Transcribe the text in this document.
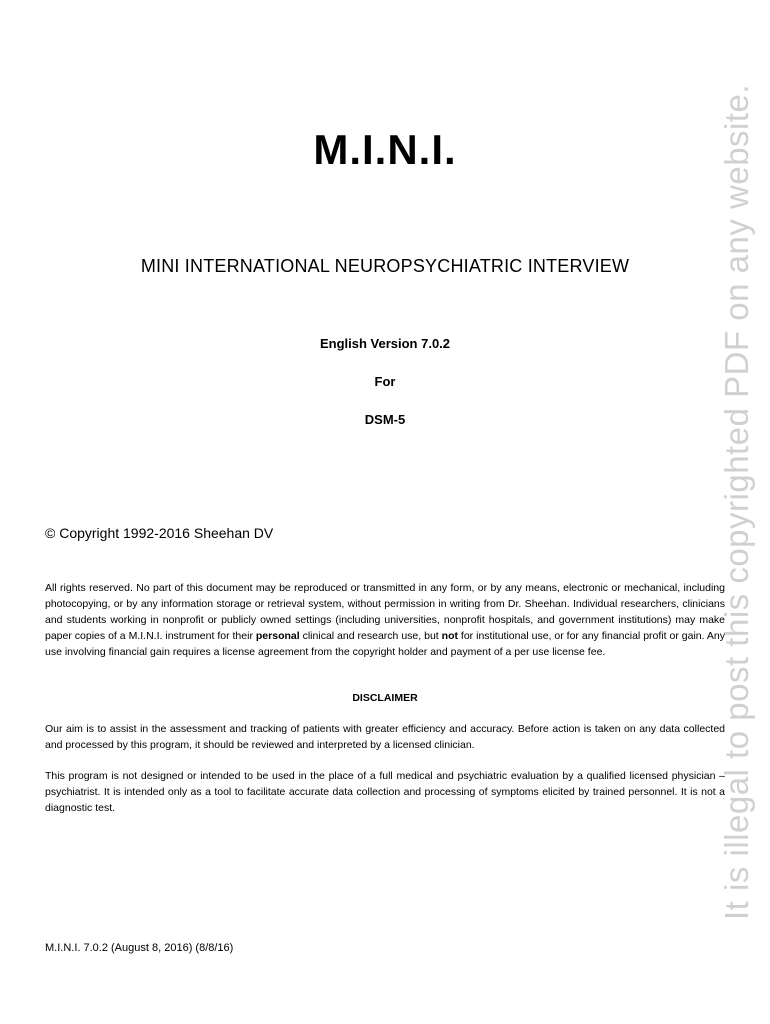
M.I.N.I.
MINI INTERNATIONAL NEUROPSYCHIATRIC INTERVIEW
English Version 7.0.2
For
DSM-5
© Copyright 1992-2016 Sheehan DV
All rights reserved. No part of this document may be reproduced or transmitted in any form, or by any means, electronic or mechanical, including photocopying, or by any information storage or retrieval system, without permission in writing from Dr. Sheehan. Individual researchers, clinicians and students working in nonprofit or publicly owned settings (including universities, nonprofit hospitals, and government institutions) may make paper copies of a M.I.N.I. instrument for their personal clinical and research use, but not for institutional use, or for any financial profit or gain. Any use involving financial gain requires a license agreement from the copyright holder and payment of a per use license fee.
DISCLAIMER
Our aim is to assist in the assessment and tracking of patients with greater efficiency and accuracy. Before action is taken on any data collected and processed by this program, it should be reviewed and interpreted by a licensed clinician.
This program is not designed or intended to be used in the place of a full medical and psychiatric evaluation by a qualified licensed physician – psychiatrist. It is intended only as a tool to facilitate accurate data collection and processing of symptoms elicited by trained personnel. It is not a diagnostic test.
M.I.N.I. 7.0.2 (August 8, 2016) (8/8/16)
It is illegal to post this copyrighted PDF on any website.
